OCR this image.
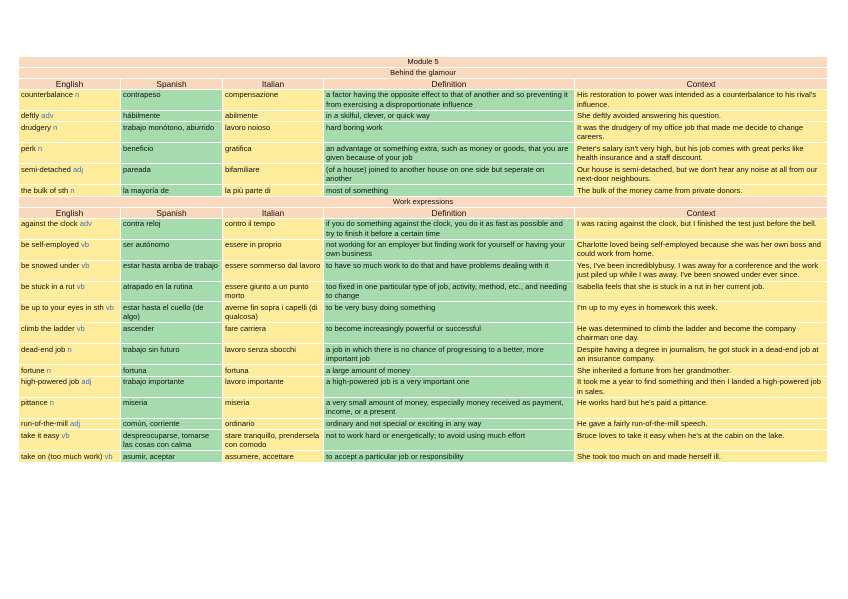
Module 5				
Behind the glamour				
English	Spanish	Italian	Definition	Context
counterbalance n	contrapeso	compensazione	a factor having the opposite effect to that of another and so preventing it from exercising a disproportionate influence	His restoration to power was intended as a counterbalance to his rival's influence.
deftly adv	hábilmente	abilmente	in a skilful, clever, or quick way	She deftly avoided answering his question.
drudgery n	trabajo monótono, aburrido	lavoro noioso	hard boring work	It was the drudgery of my office job that made me decide to change careers.
perk n	beneficio	gratifica	an advantage or something extra, such as money or goods, that you are given because of your job	Peter's salary isn't very high, but his job comes with great perks like health insurance and a staff discount.
semi-detached adj	pareada	bifamiliare	(of a house) joined to another house on one side but seperate on another	Our house is semi-detached, but we don't hear any noise at all from our next-door neighbours.
the bulk of sth n	la mayoría de	la più parte di	most of something	The bulk of the money came from private donors.
Work expressions				
English	Spanish	Italian	Definition	Context
against the clock adv	contra reloj	contro il tempo	if you do something against the clock, you do it as fast as possible and try to finish it before a certain time	I was racing against the clock, but I finished the test just before the bell.
be self-employed vb	ser autónomo	essere in proprio	not working for an employer but finding work for yourself or having your own business	Charlotte loved being self-employed because she was her own boss and could work from home.
be snowed under vb	estar hasta arriba de trabajo	essere sommerso dal lavoro	to have so much work to do that and have problems dealing with it	Yes, I've been incrediblybusy. I was away for a conference and the work just piled up while I was away. I've been snowed under ever since.
be stuck in a rut vb	atrapado en la rutina	essere giunto a un punto morto	too fixed in one particular type of job, activity, method, etc., and needing to change	Isabella feels that she is stuck in a rut in her current job.
be up to your eyes in sth vb	estar hasta el cuello (de algo)	averne fin sopra i capelli (di qualcosa)	to be very busy doing something	I'm up to my eyes in homework this week.
climb the ladder vb	ascender	fare carriera	to become increasingly powerful or successful	He was determined to climb the ladder and become the company chairman one day.
dead-end job n	trabajo sin futuro	lavoro senza sbocchi	a job in which there is no chance of progressing to a better, more important job	Despite having a degree in journalism, he got stuck in a dead-end job at an insurance company.
fortune n	fortuna	fortuna	a large amount of money	She inherited a fortune from her grandmother.
high-powered job adj	trabajo importante	lavoro importante	a high-powered job is a very important one	It took me a year to find something and then I landed a high-powered job in sales.
pittance n	miseria	miseria	a very small amount of money, especially money received as payment, income, or a present	He works hard but he's paid a pittance.
run-of-the-mill adj	común, corriente	ordinario	ordinary and not special or exciting in any way	He gave a fairly run-of-the-mill speech.
take it easy vb	despreocuparse, tomarse las cosas con calma	stare tranquillo, prendersela con comodo	not to work hard or energetically; to avoid using much effort	Bruce loves to take it easy when he's at the cabin on the lake.
take on (too much work) vb	asumir, aceptar	assumere, accettare	to accept a particular job or responsibility	She took too much on and made herself ill.
